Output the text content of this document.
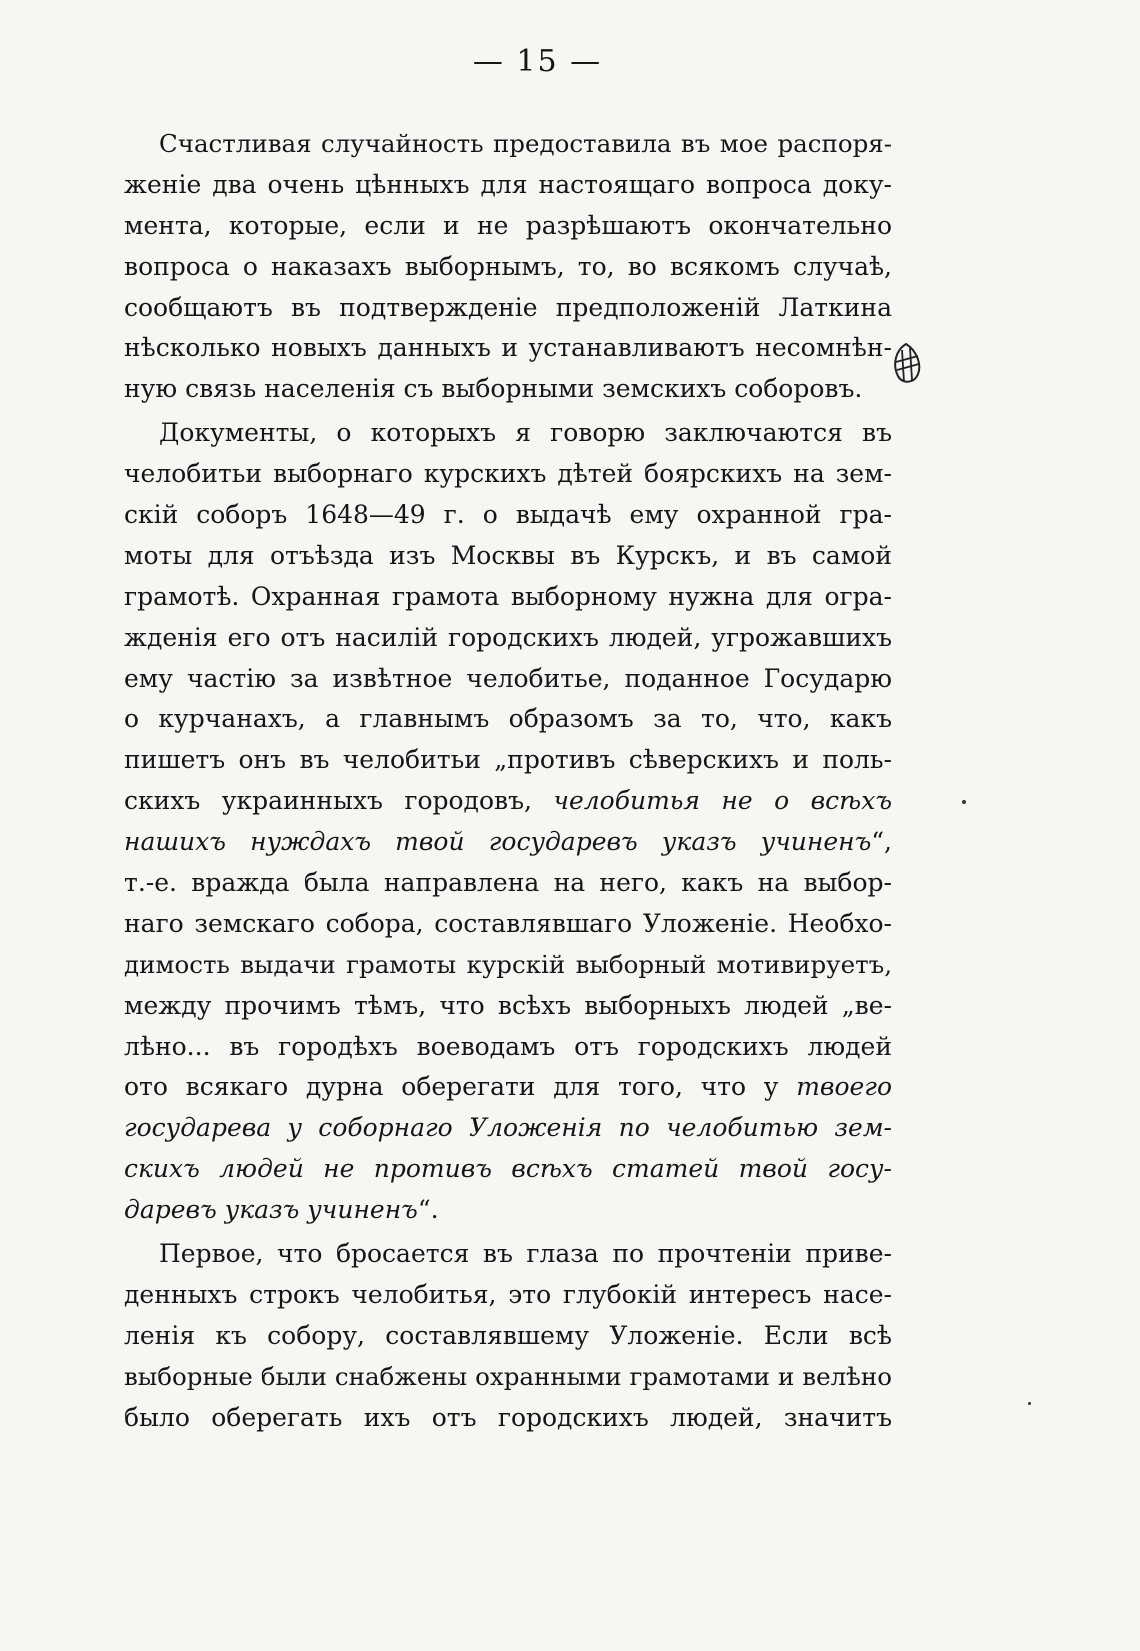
— 15 —
Счастливая случайность предоставила въ мое распоря-
женіе два очень цѣнныхъ для настоящаго вопроса доку-
мента, которые, если и не разрѣшаютъ окончательно
вопроса о наказахъ выборнымъ, то, во всякомъ случаѣ,
сообщаютъ въ подтвержденіе предположеній Латкина
нѣсколько новыхъ данныхъ и устанавливаютъ несомнѣн-
ную связь населенія съ выборными земскихъ соборовъ.
Документы, о которыхъ я говорю заключаются въ
челобитьи выборнаго курскихъ дѣтей боярскихъ на зем-
скій соборъ 1648—49 г. о выдачѣ ему охранной гра-
моты для отъѣзда изъ Москвы въ Курскъ, и въ самой
грамотѣ. Охранная грамота выборному нужна для огра-
жденія его отъ насилій городскихъ людей, угрожавшихъ
ему частію за извѣтное челобитье, поданное Государю
о курчанахъ, а главнымъ образомъ за то, что, какъ
пишетъ онъ въ челобитьи „противъ сѣверскихъ и поль-
скихъ украинныхъ городовъ, челобитья не о всѣхъ
нашихъ нуждахъ твой государевъ указъ учиненъ“,
т.-е. вражда была направлена на него, какъ на выбор-
наго земскаго собора, составлявшаго Уложеніе. Необхо-
димость выдачи грамоты курскій выборный мотивируетъ,
между прочимъ тѣмъ, что всѣхъ выборныхъ людей „ве-
лѣно... въ городѣхъ воеводамъ отъ городскихъ людей
ото всякаго дурна оберегати для того, что у твоего
государева у соборнаго Уложенія по челобитью зем-
скихъ людей не противъ всѣхъ статей твой госу-
даревъ указъ учиненъ“.
Первое, что бросается въ глаза по прочтеніи приве-
денныхъ строкъ челобитья, это глубокій интересъ насе-
ленія къ собору, составлявшему Уложеніе. Если всѣ
выборные были снабжены охранными грамотами и велѣно
было оберегать ихъ отъ городскихъ людей, значитъ
